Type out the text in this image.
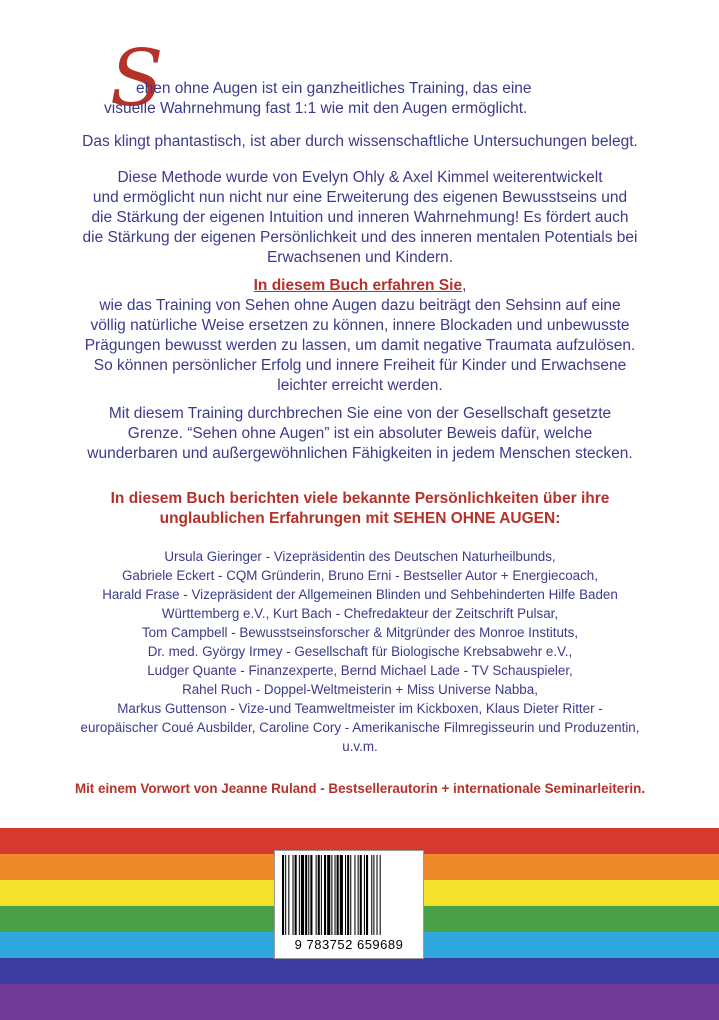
S
ehen ohne Augen ist ein ganzheitliches Training, das eine
visuelle Wahrnehmung fast 1:1 wie mit den Augen ermöglicht.
Das klingt phantastisch, ist aber durch wissenschaftliche Untersuchungen belegt.
Diese Methode wurde von Evelyn Ohly & Axel Kimmel weiterentwickelt
und ermöglicht nun nicht nur eine Erweiterung des eigenen Bewusstseins und
die Stärkung der eigenen Intuition und inneren Wahrnehmung! Es fördert auch
die Stärkung der eigenen Persönlichkeit und des inneren mentalen Potentials bei
Erwachsenen und Kindern.
In diesem Buch erfahren Sie,
wie das Training von Sehen ohne Augen dazu beiträgt den Sehsinn auf eine
völlig natürliche Weise ersetzen zu können, innere Blockaden und unbewusste
Prägungen bewusst werden zu lassen, um damit negative Traumata aufzulösen.
So können persönlicher Erfolg und innere Freiheit für Kinder und Erwachsene
leichter erreicht werden.
Mit diesem Training durchbrechen Sie eine von der Gesellschaft gesetzte
Grenze. “Sehen ohne Augen” ist ein absoluter Beweis dafür, welche
wunderbaren und außergewöhnlichen Fähigkeiten in jedem Menschen stecken.
In diesem Buch berichten viele bekannte Persönlichkeiten über ihre
unglaublichen Erfahrungen mit SEHEN OHNE AUGEN:
Ursula Gieringer - Vizepräsidentin des Deutschen Naturheilbunds,
Gabriele Eckert - CQM Gründerin, Bruno Erni - Bestseller Autor + Energiecoach,
Harald Frase - Vizepräsident der Allgemeinen Blinden und Sehbehinderten Hilfe Baden
Württemberg e.V., Kurt Bach - Chefredakteur der Zeitschrift Pulsar,
Tom Campbell - Bewusstseinsforscher & Mitgründer des Monroe Instituts,
Dr. med. György Irmey - Gesellschaft für Biologische Krebsabwehr e.V.,
Ludger Quante - Finanzexperte, Bernd Michael Lade - TV Schauspieler,
Rahel Ruch - Doppel-Weltmeisterin + Miss Universe Nabba,
Markus Guttenson - Vize-und Teamweltmeister im Kickboxen, Klaus Dieter Ritter -
europäischer Coué Ausbilder, Caroline Cory - Amerikanische Filmregisseurin und Produzentin,
u.v.m.
Mit einem Vorwort von Jeanne Ruland - Bestsellerautorin + internationale Seminarleiterin.
9 783752 659689
